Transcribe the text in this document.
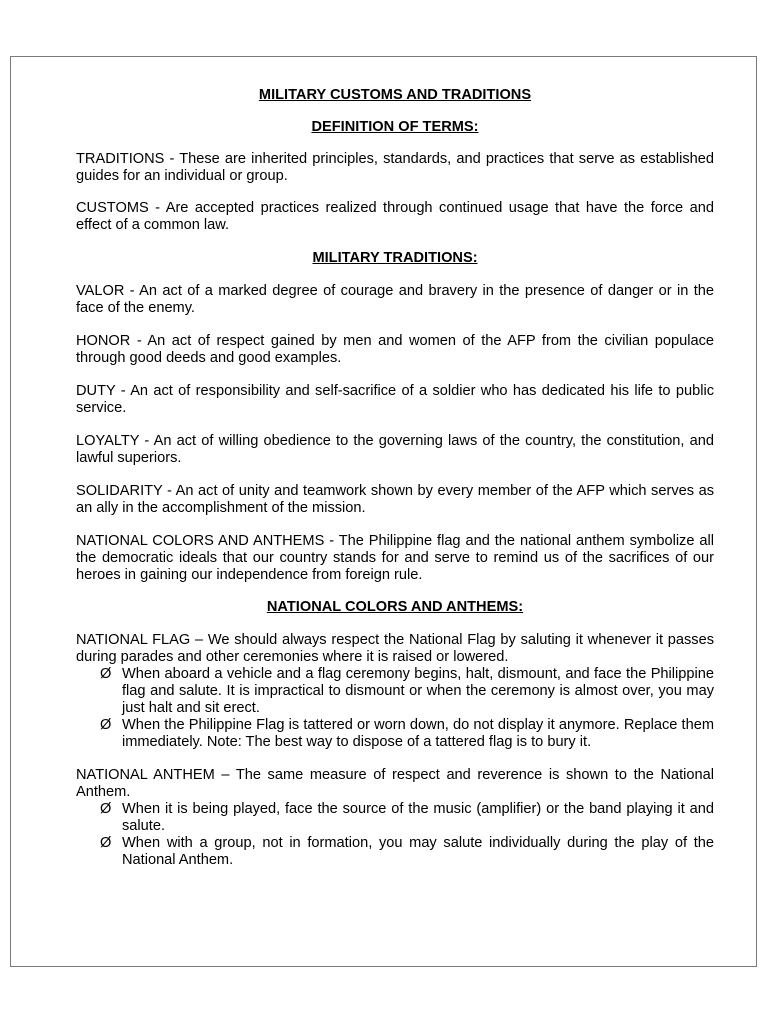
MILITARY CUSTOMS AND TRADITIONS

DEFINITION OF TERMS:

TRADITIONS - These are inherited principles, standards, and practices that serve as established guides for an individual or group.

CUSTOMS - Are accepted practices realized through continued usage that have the force and effect of a common law.

MILITARY TRADITIONS:

VALOR - An act of a marked degree of courage and bravery in the presence of danger or in the face of the enemy.

HONOR - An act of respect gained by men and women of the AFP from the civilian populace through good deeds and good examples.

DUTY - An act of responsibility and self-sacrifice of a soldier who has dedicated his life to public service.

LOYALTY - An act of willing obedience to the governing laws of the country, the constitution, and lawful superiors.

SOLIDARITY - An act of unity and teamwork shown by every member of the AFP which serves as an ally in the accomplishment of the mission.

NATIONAL COLORS AND ANTHEMS - The Philippine flag and the national anthem symbolize all the democratic ideals that our country stands for and serve to remind us of the sacrifices of our heroes in gaining our independence from foreign rule.

NATIONAL COLORS AND ANTHEMS:

NATIONAL FLAG – We should always respect the National Flag by saluting it whenever it passes during parades and other ceremonies where it is raised or lowered.

Ø When aboard a vehicle and a flag ceremony begins, halt, dismount, and face the Philippine flag and salute. It is impractical to dismount or when the ceremony is almost over, you may just halt and sit erect.
Ø When the Philippine Flag is tattered or worn down, do not display it anymore. Replace them immediately. Note: The best way to dispose of a tattered flag is to bury it.

NATIONAL ANTHEM – The same measure of respect and reverence is shown to the National Anthem.

Ø When it is being played, face the source of the music (amplifier) or the band playing it and salute.
Ø When with a group, not in formation, you may salute individually during the play of the National Anthem.
